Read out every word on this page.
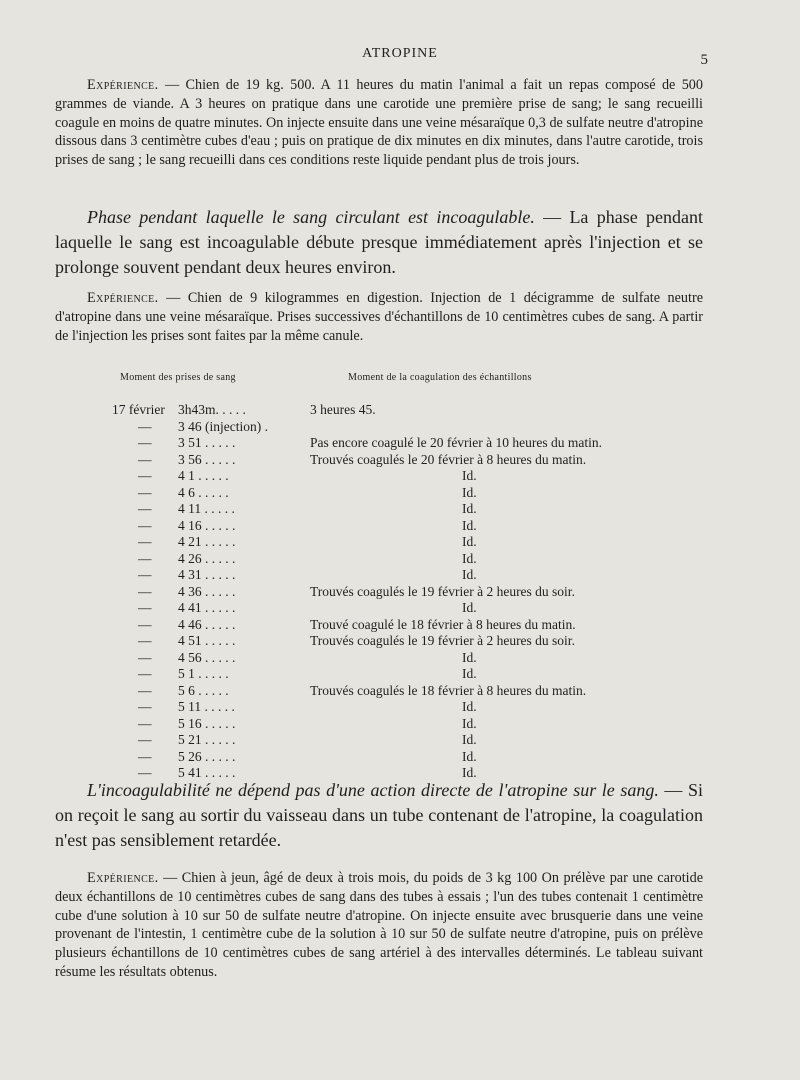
ATROPINE	5

Expérience. — Chien de 19 kg. 500. A 11 heures du matin l'animal a fait un repas composé de 500 grammes de viande. A 3 heures on pratique dans une carotide une première prise de sang; le sang recueilli coagule en moins de quatre minutes. On injecte ensuite dans une veine mésaraïque 0,3 de sulfate neutre d'atropine dissous dans 3 centimètre cubes d'eau ; puis on pratique de dix minutes en dix minutes, dans l'autre carotide, trois prises de sang ; le sang recueilli dans ces conditions reste liquide pendant plus de trois jours.

Phase pendant laquelle le sang circulant est incoagulable. — La phase pendant laquelle le sang est incoagulable débute presque immédiatement après l'injection et se prolonge souvent pendant deux heures environ.

Expérience. — Chien de 9 kilogrammes en digestion. Injection de 1 décigramme de sulfate neutre d'atropine dans une veine mésaraïque. Prises successives d'échantillons de 10 centimètres cubes de sang. A partir de l'injection les prises sont faites par la même canule.

Moment des prises de sang	Moment de la coagulation des échantillons
17 février 3h43m. . . . .	3 heures 45.
—	3 46 (injection) .
—	3 51 . . . . .	Pas encore coagulé le 20 février à 10 heures du matin.
—	3 56 . . . . .	Trouvés coagulés le 20 février à 8 heures du matin.
—	4 1 . . . . .	Id.
—	4 6 . . . . .	Id.
—	4 11 . . . . .	Id.
—	4 16 . . . . .	Id.
—	4 21 . . . . .	Id.
—	4 26 . . . . .	Id.
—	4 31 . . . . .	Id.
—	4 36 . . . . .	Trouvés coagulés le 19 février à 2 heures du soir.
—	4 41 . . . . .	Id.
—	4 46 . . . . .	Trouvé coagulé le 18 février à 8 heures du matin.
—	4 51 . . . . .	Trouvés coagulés le 19 février à 2 heures du soir.
—	4 56 . . . . .	Id.
—	5 1 . . . . .	Id.
—	5 6 . . . . .	Trouvés coagulés le 18 février à 8 heures du matin.
—	5 11 . . . . .	Id.
—	5 16 . . . . .	Id.
—	5 21 . . . . .	Id.
—	5 26 . . . . .	Id.
—	5 41 . . . . .	Id.

L'incoagulabilité ne dépend pas d'une action directe de l'atropine sur le sang. — Si on reçoit le sang au sortir du vaisseau dans un tube contenant de l'atropine, la coagulation n'est pas sensiblement retardée.

Expérience. — Chien à jeun, âgé de deux à trois mois, du poids de 3 kg 100 On prélève par une carotide deux échantillons de 10 centimètres cubes de sang dans des tubes à essais ; l'un des tubes contenait 1 centimètre cube d'une solution à 10 sur 50 de sulfate neutre d'atropine. On injecte ensuite avec brusquerie dans une veine provenant de l'intestin, 1 centimètre cube de la solution à 10 sur 50 de sulfate neutre d'atropine, puis on prélève plusieurs échantillons de 10 centimètres cubes de sang artériel à des intervalles déterminés. Le tableau suivant résume les résultats obtenus.
